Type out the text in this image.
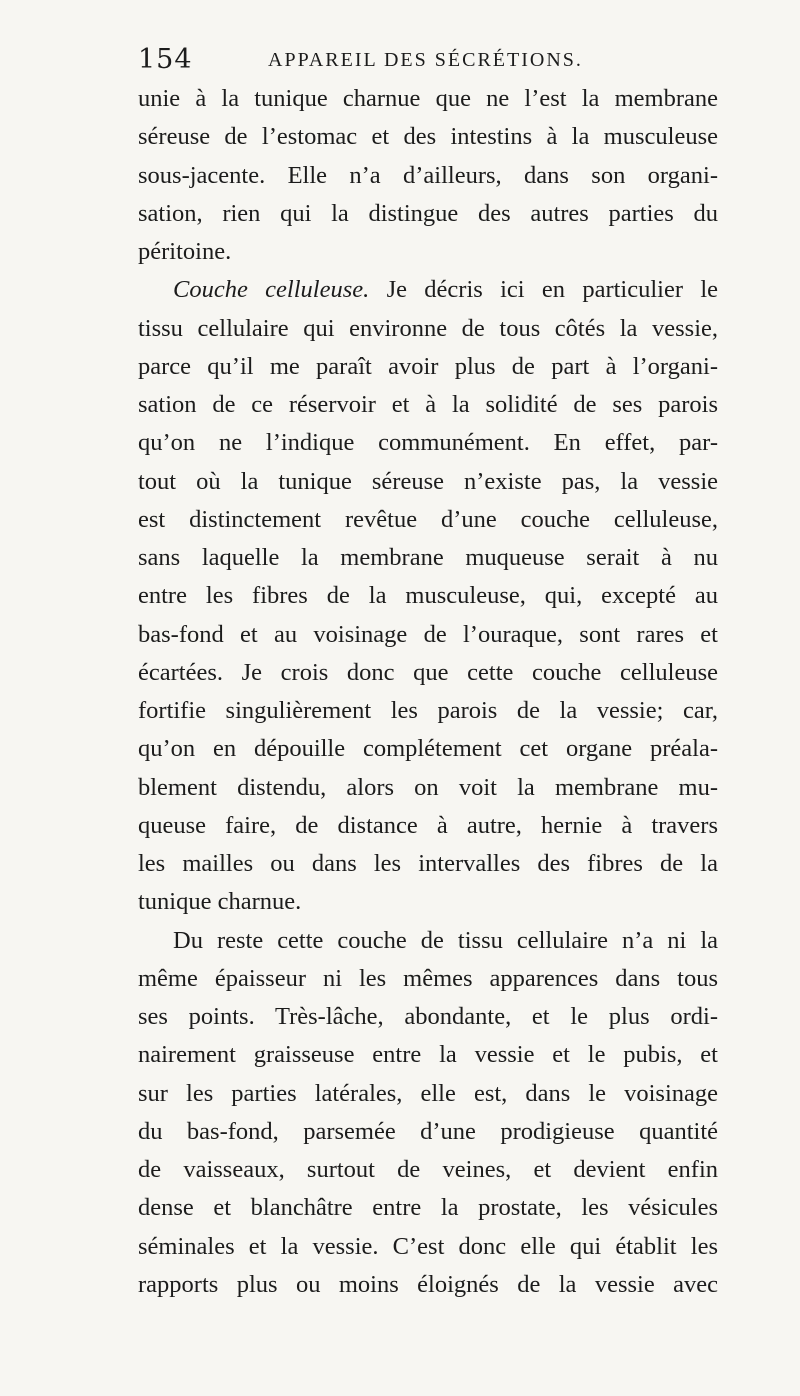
154	APPAREIL DES SÉCRÉTIONS.
unie à la tunique charnue que ne l’est la membrane
séreuse de l’estomac et des intestins à la musculeuse
sous-jacente. Elle n’a d’ailleurs, dans son organi-
sation, rien qui la distingue des autres parties du
péritoine.
Couche celluleuse. Je décris ici en particulier le
tissu cellulaire qui environne de tous côtés la vessie,
parce qu’il me paraît avoir plus de part à l’organi-
sation de ce réservoir et à la solidité de ses parois
qu’on ne l’indique communément. En effet, par-
tout où la tunique séreuse n’existe pas, la vessie
est distinctement revêtue d’une couche celluleuse,
sans laquelle la membrane muqueuse serait à nu
entre les fibres de la musculeuse, qui, excepté au
bas-fond et au voisinage de l’ouraque, sont rares et
écartées. Je crois donc que cette couche celluleuse
fortifie singulièrement les parois de la vessie; car,
qu’on en dépouille complétement cet organe préala-
blement distendu, alors on voit la membrane mu-
queuse faire, de distance à autre, hernie à travers
les mailles ou dans les intervalles des fibres de la
tunique charnue.
Du reste cette couche de tissu cellulaire n’a ni la
même épaisseur ni les mêmes apparences dans tous
ses points. Très-lâche, abondante, et le plus ordi-
nairement graisseuse entre la vessie et le pubis, et
sur les parties latérales, elle est, dans le voisinage
du bas-fond, parsemée d’une prodigieuse quantité
de vaisseaux, surtout de veines, et devient enfin
dense et blanchâtre entre la prostate, les vésicules
séminales et la vessie. C’est donc elle qui établit les
rapports plus ou moins éloignés de la vessie avec
